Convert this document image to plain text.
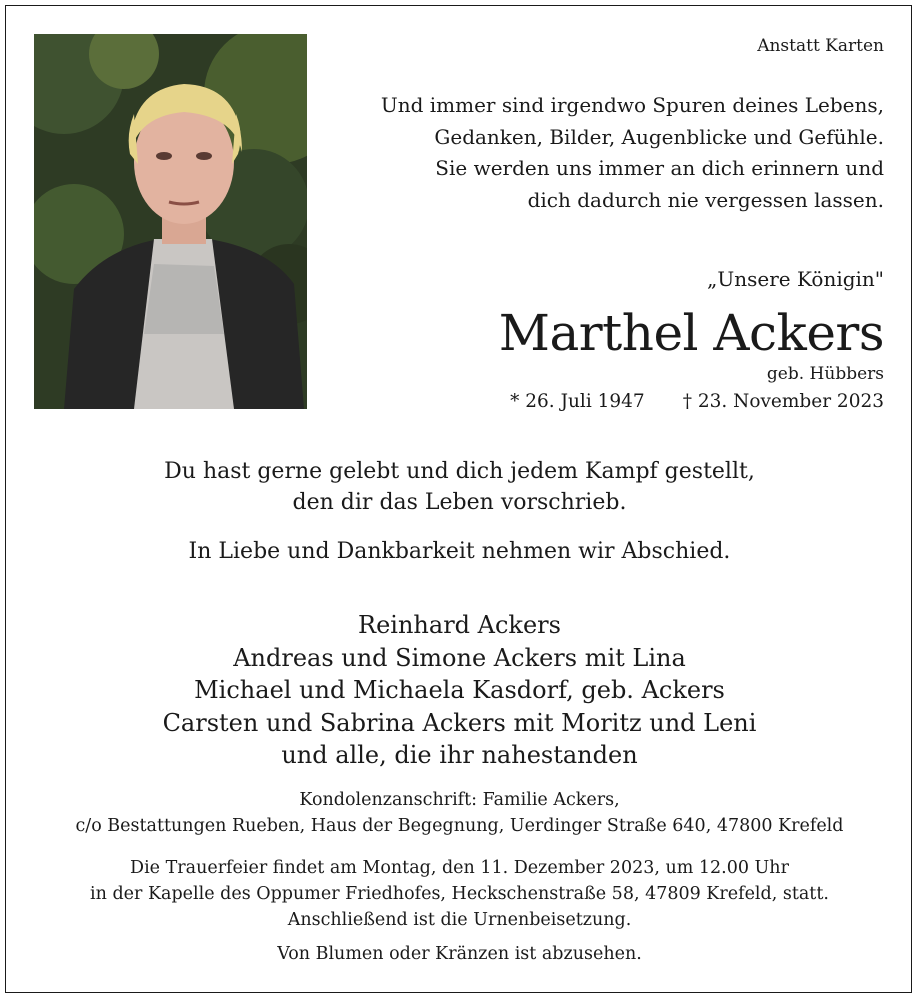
Anstatt Karten
Und immer sind irgendwo Spuren deines Lebens,
Gedanken, Bilder, Augenblicke und Gefühle.
Sie werden uns immer an dich erinnern und
dich dadurch nie vergessen lassen.
„Unsere Königin"
Marthel Ackers
geb. Hübbers
* 26. Juli 1947 † 23. November 2023
Du hast gerne gelebt und dich jedem Kampf gestellt,
den dir das Leben vorschrieb.
In Liebe und Dankbarkeit nehmen wir Abschied.
Reinhard Ackers
Andreas und Simone Ackers mit Lina
Michael und Michaela Kasdorf, geb. Ackers
Carsten und Sabrina Ackers mit Moritz und Leni
und alle, die ihr nahestanden
Kondolenzanschrift: Familie Ackers,
c/o Bestattungen Rueben, Haus der Begegnung, Uerdinger Straße 640, 47800 Krefeld
Die Trauerfeier findet am Montag, den 11. Dezember 2023, um 12.00 Uhr
in der Kapelle des Oppumer Friedhofes, Heckschenstraße 58, 47809 Krefeld, statt.
Anschließend ist die Urnenbeisetzung.
Von Blumen oder Kränzen ist abzusehen.
